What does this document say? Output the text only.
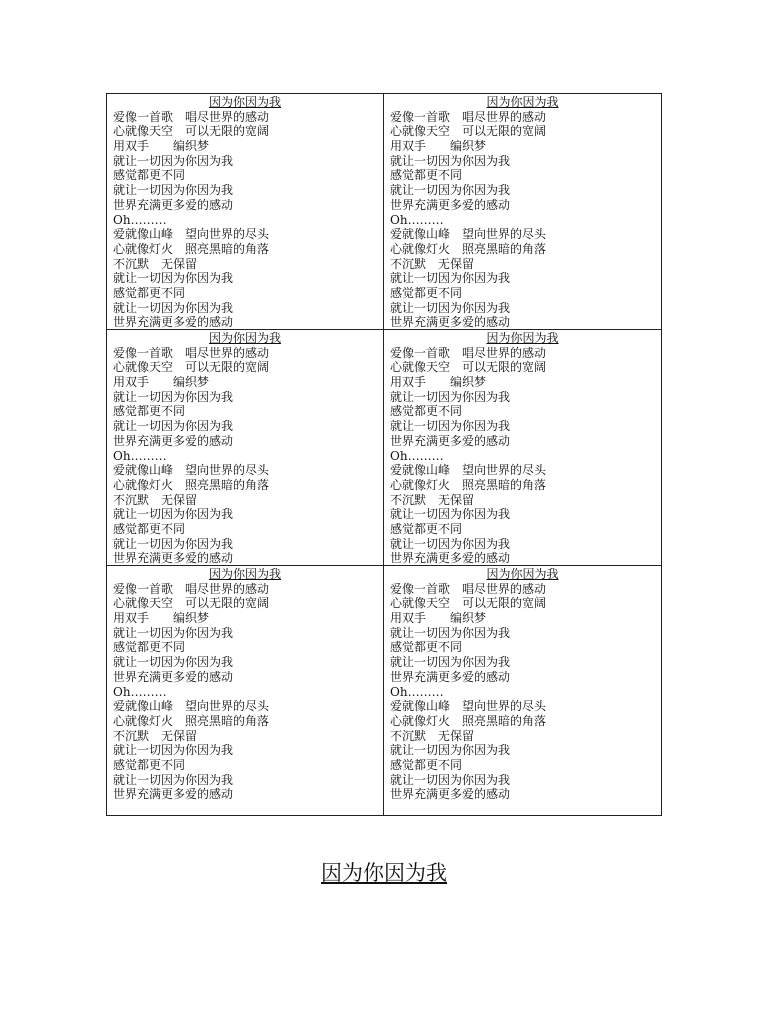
因为你因为我
爱像一首歌　唱尽世界的感动
心就像天空　可以无限的宽阔
用双手　　编织梦
就让一切因为你因为我
感觉都更不同
就让一切因为你因为我
世界充满更多爱的感动
Oh………
爱就像山峰　望向世界的尽头
心就像灯火　照亮黑暗的角落
不沉默　无保留
就让一切因为你因为我
感觉都更不同
就让一切因为你因为我
世界充满更多爱的感动
因为你因为我
爱像一首歌　唱尽世界的感动
心就像天空　可以无限的宽阔
用双手　　编织梦
就让一切因为你因为我
感觉都更不同
就让一切因为你因为我
世界充满更多爱的感动
Oh………
爱就像山峰　望向世界的尽头
心就像灯火　照亮黑暗的角落
不沉默　无保留
就让一切因为你因为我
感觉都更不同
就让一切因为你因为我
世界充满更多爱的感动
因为你因为我
爱像一首歌　唱尽世界的感动
心就像天空　可以无限的宽阔
用双手　　编织梦
就让一切因为你因为我
感觉都更不同
就让一切因为你因为我
世界充满更多爱的感动
Oh………
爱就像山峰　望向世界的尽头
心就像灯火　照亮黑暗的角落
不沉默　无保留
就让一切因为你因为我
感觉都更不同
就让一切因为你因为我
世界充满更多爱的感动
因为你因为我
爱像一首歌　唱尽世界的感动
心就像天空　可以无限的宽阔
用双手　　编织梦
就让一切因为你因为我
感觉都更不同
就让一切因为你因为我
世界充满更多爱的感动
Oh………
爱就像山峰　望向世界的尽头
心就像灯火　照亮黑暗的角落
不沉默　无保留
就让一切因为你因为我
感觉都更不同
就让一切因为你因为我
世界充满更多爱的感动
因为你因为我
爱像一首歌　唱尽世界的感动
心就像天空　可以无限的宽阔
用双手　　编织梦
就让一切因为你因为我
感觉都更不同
就让一切因为你因为我
世界充满更多爱的感动
Oh………
爱就像山峰　望向世界的尽头
心就像灯火　照亮黑暗的角落
不沉默　无保留
就让一切因为你因为我
感觉都更不同
就让一切因为你因为我
世界充满更多爱的感动
因为你因为我
爱像一首歌　唱尽世界的感动
心就像天空　可以无限的宽阔
用双手　　编织梦
就让一切因为你因为我
感觉都更不同
就让一切因为你因为我
世界充满更多爱的感动
Oh………
爱就像山峰　望向世界的尽头
心就像灯火　照亮黑暗的角落
不沉默　无保留
就让一切因为你因为我
感觉都更不同
就让一切因为你因为我
世界充满更多爱的感动
因为你因为我
